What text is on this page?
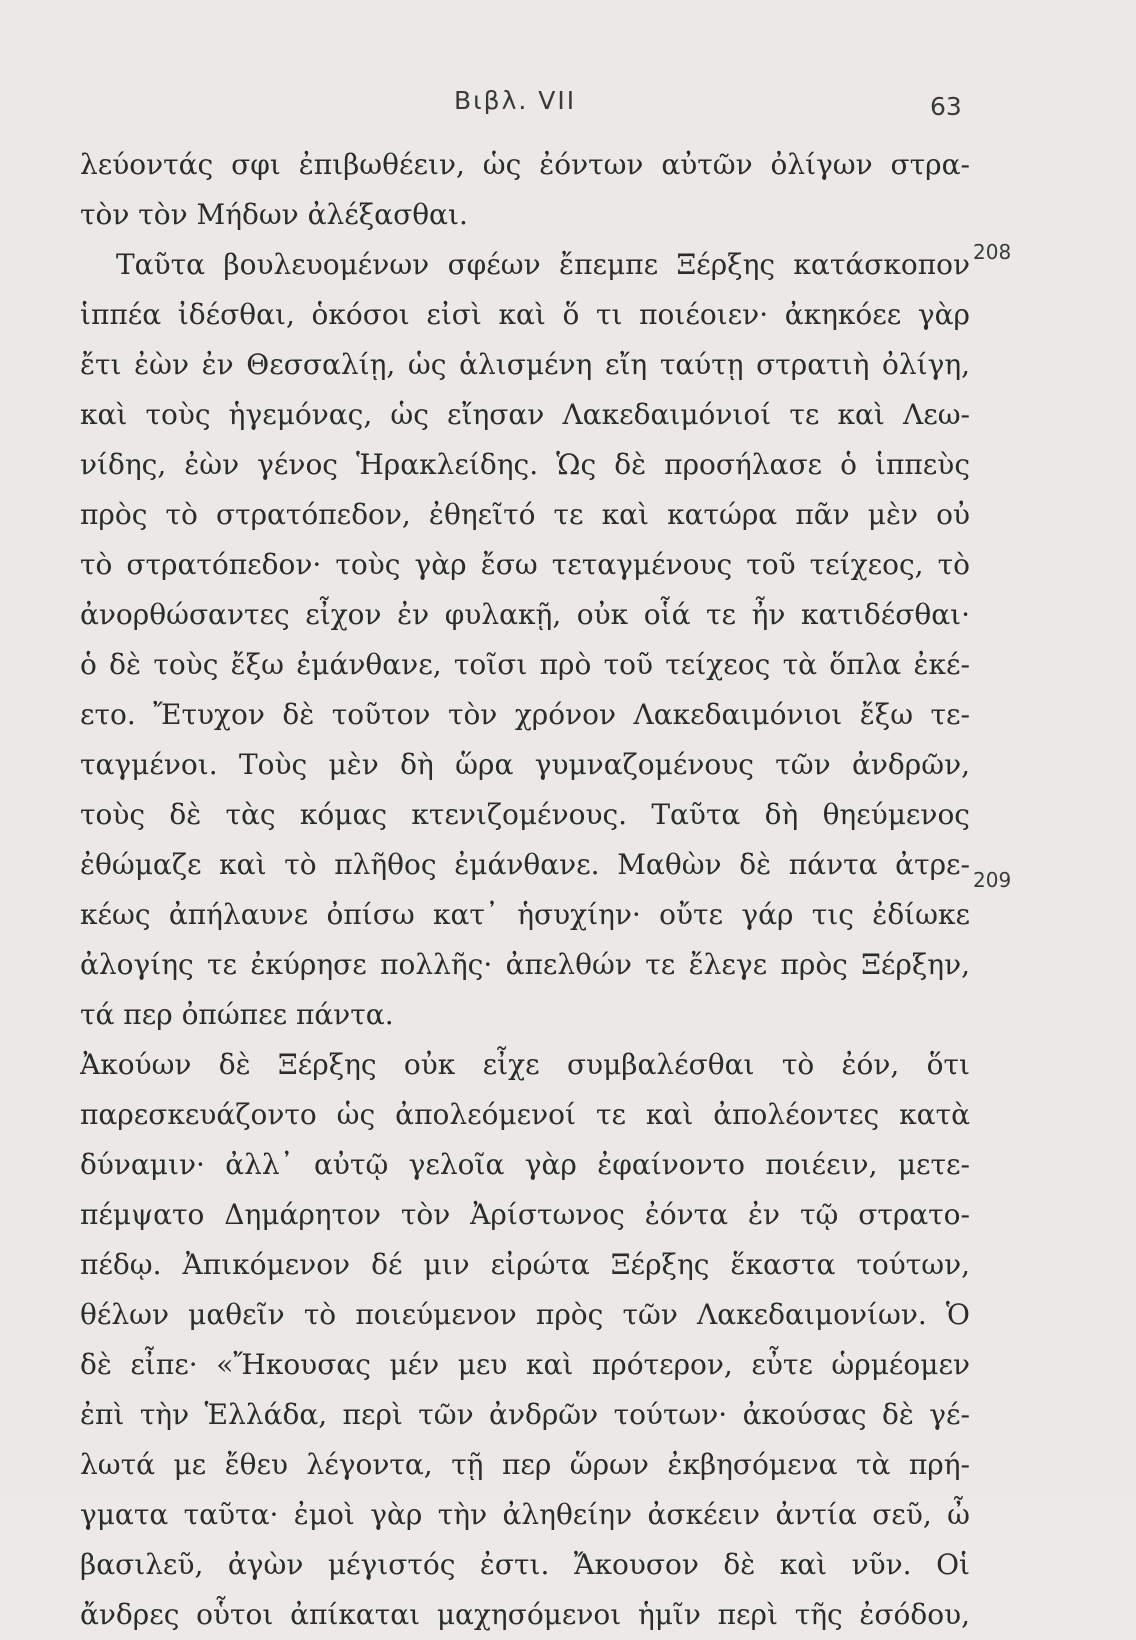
Βιβλ. VII	63
208
209
λεύοντάς σφι ἐπιβωθέειν, ὡς ἐόντων αὐτῶν ὀλίγων στρα-
τὸν τὸν Μήδων ἀλέξασθαι.
Ταῦτα βουλευομένων σφέων ἔπεμπε Ξέρξης κατάσκοπον
ἱππέα ἰδέσθαι, ὁκόσοι εἰσὶ καὶ ὅ τι ποιέοιεν· ἀκηκόεε γὰρ
ἔτι ἐὼν ἐν Θεσσαλίῃ, ὡς ἁλισμένη εἴη ταύτῃ στρατιὴ ὀλίγη,
καὶ τοὺς ἡγεμόνας, ὡς εἴησαν Λακεδαιμόνιοί τε καὶ Λεω-
νίδης, ἐὼν γένος Ἡρακλείδης. Ὡς δὲ προσήλασε ὁ ἱππεὺς
πρὸς τὸ στρατόπεδον, ἐθηεῖτό τε καὶ κατώρα πᾶν μὲν οὐ
τὸ στρατόπεδον· τοὺς γὰρ ἔσω τεταγμένους τοῦ τείχεος, τὸ
ἀνορθώσαντες εἶχον ἐν φυλακῇ, οὐκ οἷά τε ἦν κατιδέσθαι·
ὁ δὲ τοὺς ἔξω ἐμάνθανε, τοῖσι πρὸ τοῦ τείχεος τὰ ὅπλα ἐκέ-
ετο. Ἔτυχον δὲ τοῦτον τὸν χρόνον Λακεδαιμόνιοι ἔξω τε-
ταγμένοι. Τοὺς μὲν δὴ ὥρα γυμναζομένους τῶν ἀνδρῶν,
τοὺς δὲ τὰς κόμας κτενιζομένους. Ταῦτα δὴ θηεύμενος
ἐθώμαζε καὶ τὸ πλῆθος ἐμάνθανε. Μαθὼν δὲ πάντα ἀτρε-
κέως ἀπήλαυνε ὀπίσω κατ᾽ ἡσυχίην· οὔτε γάρ τις ἐδίωκε
ἀλογίης τε ἐκύρησε πολλῆς· ἀπελθών τε ἔλεγε πρὸς Ξέρξην,
τά περ ὀπώπεε πάντα.
Ἀκούων δὲ Ξέρξης οὐκ εἶχε συμβαλέσθαι τὸ ἐόν, ὅτι
παρεσκευάζοντο ὡς ἀπολεόμενοί τε καὶ ἀπολέοντες κατὰ
δύναμιν· ἀλλ᾽ αὐτῷ γελοῖα γὰρ ἐφαίνοντο ποιέειν, μετε-
πέμψατο Δημάρητον τὸν Ἀρίστωνος ἐόντα ἐν τῷ στρατο-
πέδῳ. Ἀπικόμενον δέ μιν εἰρώτα Ξέρξης ἕκαστα τούτων,
θέλων μαθεῖν τὸ ποιεύμενον πρὸς τῶν Λακεδαιμονίων. Ὁ
δὲ εἶπε· «Ἤκουσας μέν μευ καὶ πρότερον, εὖτε ὡρμέομεν
ἐπὶ τὴν Ἑλλάδα, περὶ τῶν ἀνδρῶν τούτων· ἀκούσας δὲ γέ-
λωτά με ἔθευ λέγοντα, τῇ περ ὥρων ἐκβησόμενα τὰ πρή-
γματα ταῦτα· ἐμοὶ γὰρ τὴν ἀληθείην ἀσκέειν ἀντία σεῦ, ὦ
βασιλεῦ, ἀγὼν μέγιστός ἐστι. Ἄκουσον δὲ καὶ νῦν. Οἱ
ἄνδρες οὗτοι ἀπίκαται μαχησόμενοι ἡμῖν περὶ τῆς ἐσόδου,
